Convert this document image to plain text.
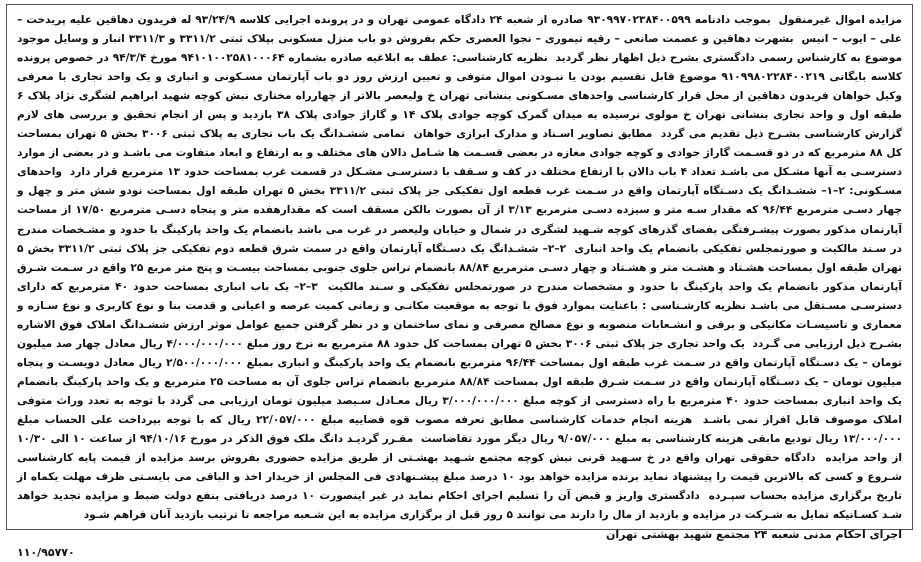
مزایده اموال غیرمنقول  بموجب دادنامه ۹۳۰۹۹۷۰۲۳۸۴۰۰۵۹۹ صادره از شعبه ۲۴ دادگاه عمومی تهران و در پرونده اجرایی کلاسه ۹۳/۲۴/۹ له فریدون دهاقین علیه پریدخت – علی – ایوب – انیس  بشهرت دهاقین و عصمت صانعی – رقیه تیموری – نجوا العصری حکم بفروش دو باب منزل مسکونی بپلاک ثبتی ۳۳۱۱/۲ و ۳۳۱۱/۳ انبار و وسایل موجود موضوع به کارشناس رسمی دادگستری بشرح ذیل اظهار نظر گردید  نظریه کارشناسی: عطف به ابلاغیه صادره بشماره ۹۴۱۰۱۰۰۲۵۸۱۰۰۰۶۴ مورخ ۹۴/۳/۴ در خصوص پرونده کلاسه بایگانی ۹۱۰۹۹۸۰۲۲۸۴۰۰۲۱۹ موضوع قابل تقسیم بودن یا نبـودن اموال متوفی و تعیین ارزش روز دو باب آپارتمان مسـکونی و انباری و یک واحد تجاری با معرفی وکیل خواهان فریدون دهاقین از محل قرار کارشناسی واحدهای مسـکونی بنشانی تهران خ ولیعصر بالاتر از چهارراه مختاری نبش کوچه شهید ابراهیم لشگری نژاد پلاک ۶ طبقه اول و واحد تجاری بنشانی تهران خ مولوی نرسیده به میدان گمرک کوچه جوادی پلاک ۱۴ و گاراژ جوادی پلاک ۳۸ بازدید و پس از انجام تحقیق و بررسی های لازم گزارش کارشناسی بشـرح ذیل تقدیم می گردد  مطابق تصاویر اسـناد و مدارک ابرازی خواهان  تمامی ششـدانگ یک باب تجاری به پلاک ثبتی ۳۰۰۶ بخش ۵ تهران بمساحت کل ۸۸ مترمربع که در دو قسـمت گاراژ جوادی و کوچه جوادی مغازه در بعضی قسـمت ها شـامل دالان های مختلف و به ارتفاع و ابعاد متفاوت می باشـد و در بعضی از موارد دسترسـی به آنها مشـکل می باشـد تعداد ۴ باب دالان با ارتفاع مختلف در کف و سـقف با دسترسـی مشـکل در قسمت غرب بمساحت حدود ۱۳ مترمربع قرار دارد  واحدهای مسـکونی: ۲–۱– ششـدانگ یک دسـتگاه آپارتمان واقع در سـمت غرب قطعه اول تفکیکی جز پلاک ثبتی ۳۳۱۱/۲ بخش ۵ تهران طبقه اول بمساحت نودو شش متر و چهل و چهار دسـی مترمربع ۹۶/۴۴ که مقدار سـه متر و سیزده دسـی مترمربع ۳/۱۳ از آن بصورت بالکن مسقف است که مقدارهفده متر و پنجاه دسـی مترمربع ۱۷/۵۰ از مساحت آپارتمان مذکور بصورت پیشـرفتگی بفضای گذرهای کوچه شـهید لشگری در شمال و خیابان ولیعصر در غرب می باشد بانضمام یک واحد پارکینگ با حدود و مشـخصات مندرج در سـند مالکیت و صورتمجلس تفکیکی بانضمام یک واحد انباری  ۲–۲– ششـدانگ یک دسـتگاه آپارتمان واقع در سمت شرق قطعه دوم تفکیکی جز پلاک ثبتی ۳۳۱۱/۲ بخش ۵ تهران طبقه اول بمساحت هشـتاد و هشـت متر و هشـتاد و چهار دسـی مترمربع ۸۸/۸۴ بانضمام تراس جلوی جنوبی بمساحت بیسـت و پنج متر مربع ۲۵ واقع در سـمت شـرق آپارتمان مذکور بانضمام یک واحد پارکینگ با حدود و مشخصات مندرج در صورتمجلس تفکیکی و سـند مالکیت  ۳–۲– یک باب انباری بمساحت حدود ۴۰ مترمربع که دارای دسترسـی مسـتقل می باشـد نظریه کارشـناسی : باعنایت بموارد فوق با توجه به موقعیت مکانـی و زمانی کمیت عرصه و اعیانی و قدمت بنا و نوع کاربری و نوع سـازه و معماری و تاسیسـات مکانیکی و برقی و انشـعابات منصوبه و نوع مصالح مصرفی و نمای ساختمان و در نظر گرفتن جمیع عوامل موثر ارزش ششـدانگ املاک فوق الاشاره بشـرح ذیل ارزیابی می گـردد  یک واحد تجاری جز پلاک ثبتی ۳۰۰۶ بخش ۵ تهران بمساحت کل حدود ۸۸ مترمربع به نرخ روز مبلغ ۴/۰۰۰/۰۰۰/۰۰۰ ریال معادل چهار صد میلیون تومان – یک دسـتگاه آپارتمان واقع در سـمت غرب طبقه اول بمساحت ۹۶/۴۴ مترمربع بانضمام یک واحد پارکینگ و انباری بمبلغ ۲/۵۰۰/۰۰۰/۰۰۰ ریال معادل دویسـت و پنجاه میلیون تومان – یک دسـتگاه آپارتمان واقع در سـمت شـرق طبقه اول بمساحت ۸۸/۸۴ مترمربع بانضمام تراس جلوی آن به مساحت ۲۵ مترمربع و یک واحد پارکینگ بانضمام یک واحد انباری بمساحت حدود ۴۰ مترمربع با راه دسترسی از کوچه مبلغ ۳/۰۰۰/۰۰۰/۰۰۰ ریال معـادل سـیصد میلیون تومان ارزیابی می گردد با توجه به تعدد وراث متوفی املاک موصوف قابل افراز نمی باشـد  هزینه انجام خدمات کارشناسی مطابق تعرفه مصوب قوه قضاییه مبلغ ۲۲/۰۵۷/۰۰۰ ریال که با توجه بپرداخت علی الحساب مبلغ ۱۳/۰۰۰/۰۰۰ ریال تودیع مابقی هزینه کارشناسی به مبلغ ۹/۰۵۷/۰۰۰ ریال دیگر مورد تقاضاست  مقـرر گردیـد دانگ ملک فوق الذکر در مورخ ۹۴/۱۰/۱۶ از ساعت ۱۰ الی ۱۰/۳۰ از واحد مزایده  دادگاه حقوقی تهران واقع در خ سـهید قرنی نبش کوچه مجتمع شـهید بهشـتی از طریق مزایده حضوری بفروش برسد مزایده از قیمت پایه کارشناسی شـروع و کسی که بالاترین قیمت را پیشنهاد نماید برنده مزایده خواهد بود ۱۰ درصد مبلغ پیشـنهادی فی المجلس از خریدار اخذ و الباقی می بایسـتی ظرف مهلت یکماه از تاریخ برگزاری مزایده بحساب سپـرده  دادگستری واریز و قبض آن را تسلیم اجرای احکام نماید در غیر اینصورت ۱۰ درصد دریافتی بنفع دولت ضبط و مزایده تجدید خواهد شـد کسـانیکه تمایل به شـرکت در مزایده و بازدید از مال را دارند می توانند ۵ روز قبل از برگزاری مزایده به این شـعبه مراجعه تا ترتیب بازدید آنان فراهم شـود

اجرای احکام مدنی شعبه ۲۴ مجتمع شهید بهشتی تهران
۱۱۰/۹۵۷۷۰
